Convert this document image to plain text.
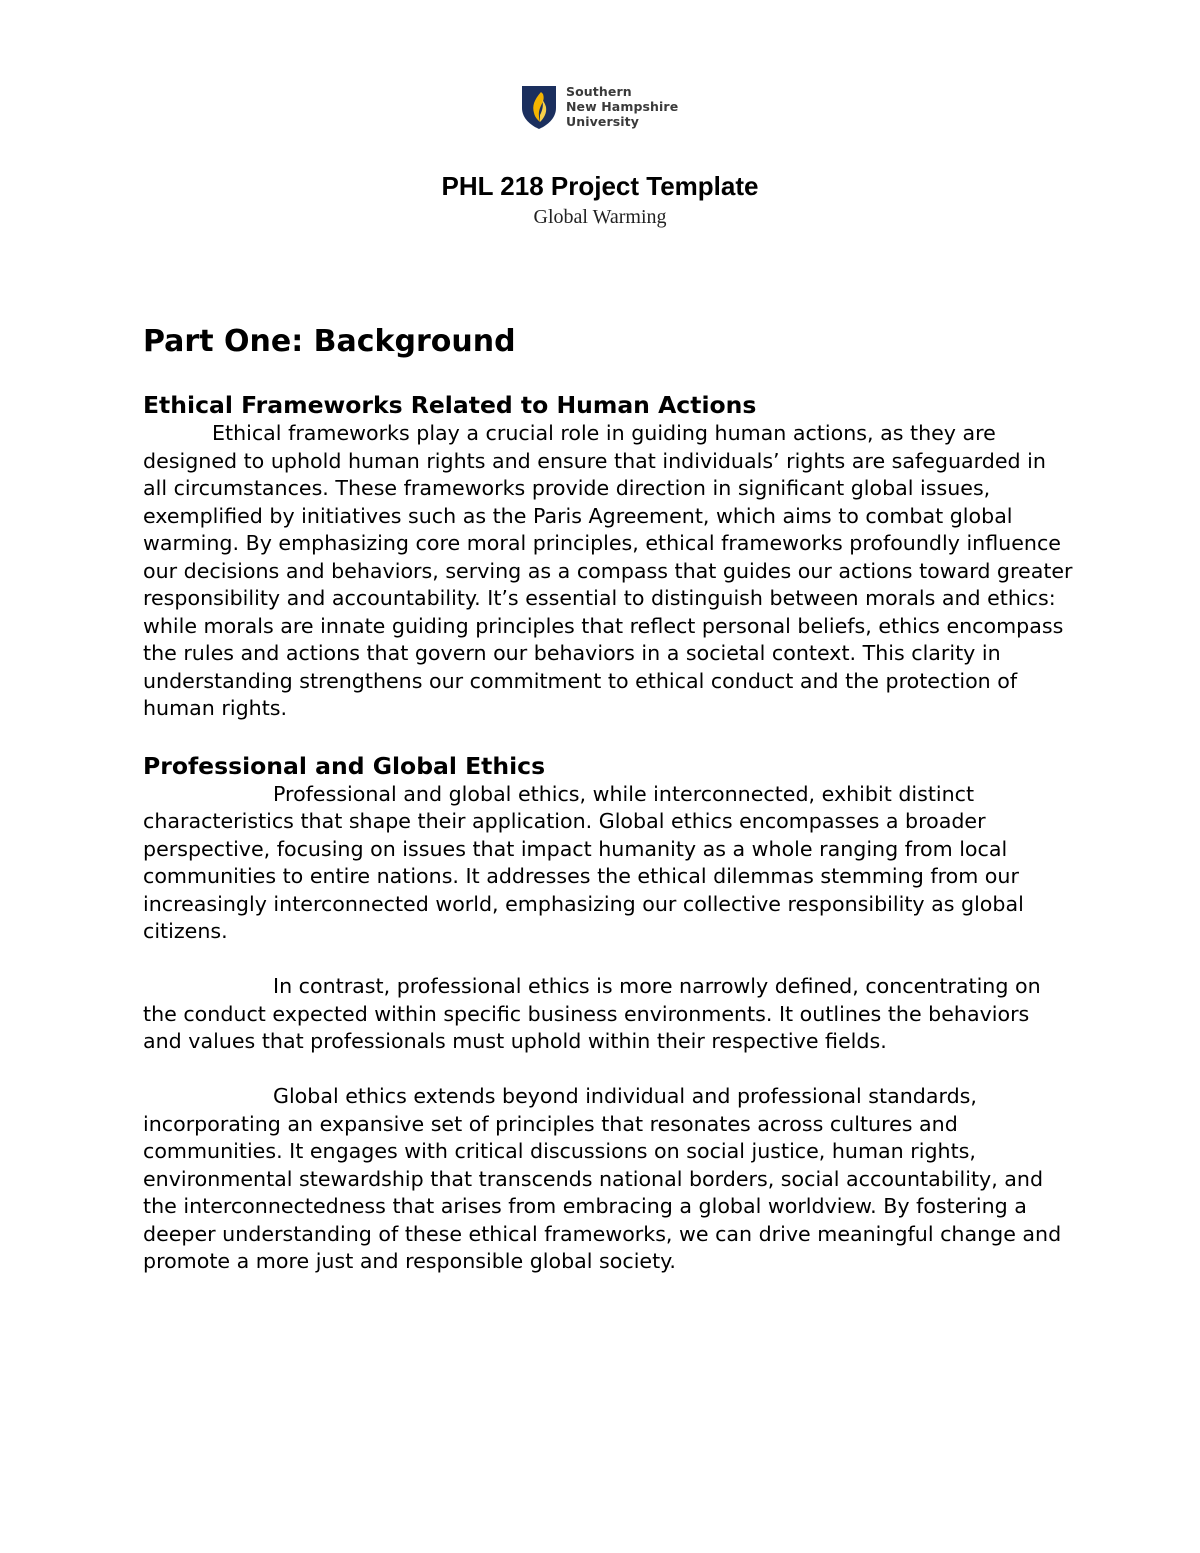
Southern
New Hampshire
University
PHL 218 Project Template
Global Warming
Part One: Background
Ethical Frameworks Related to Human Actions

Ethical frameworks play a crucial role in guiding human actions, as they are designed to uphold human rights and ensure that individuals’ rights are safeguarded in all circumstances. These frameworks provide direction in significant global issues, exemplified by initiatives such as the Paris Agreement, which aims to combat global warming. By emphasizing core moral principles, ethical frameworks profoundly influence our decisions and behaviors, serving as a compass that guides our actions toward greater responsibility and accountability. It’s essential to distinguish between morals and ethics: while morals are innate guiding principles that reflect personal beliefs, ethics encompass the rules and actions that govern our behaviors in a societal context. This clarity in understanding strengthens our commitment to ethical conduct and the protection of human rights.

Professional and Global Ethics

Professional and global ethics, while interconnected, exhibit distinct characteristics that shape their application. Global ethics encompasses a broader perspective, focusing on issues that impact humanity as a whole ranging from local communities to entire nations. It addresses the ethical dilemmas stemming from our increasingly interconnected world, emphasizing our collective responsibility as global citizens.

In contrast, professional ethics is more narrowly defined, concentrating on the conduct expected within specific business environments. It outlines the behaviors and values that professionals must uphold within their respective fields.

Global ethics extends beyond individual and professional standards, incorporating an expansive set of principles that resonates across cultures and communities. It engages with critical discussions on social justice, human rights, environmental stewardship that transcends national borders, social accountability, and the interconnectedness that arises from embracing a global worldview. By fostering a deeper understanding of these ethical frameworks, we can drive meaningful change and promote a more just and responsible global society.
